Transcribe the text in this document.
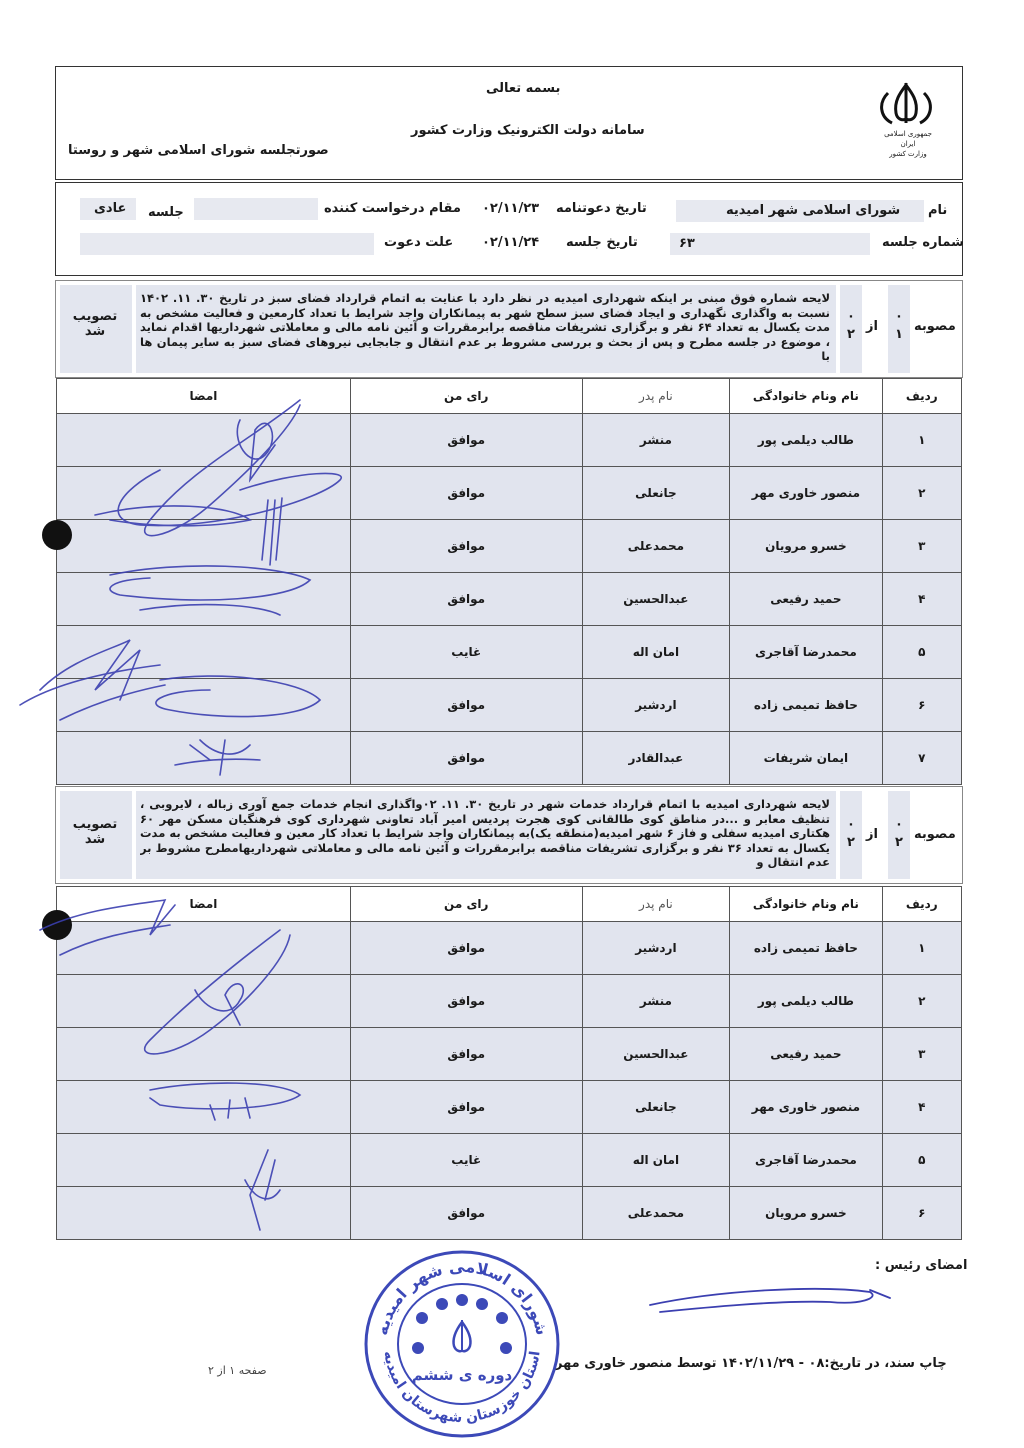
بسمه تعالی
سامانه دولت الکترونیک وزارت کشور
صورتجلسه شورای اسلامی شهر و روستا
جمهوری اسلامی ایران
وزارت کشور
نام
شورای اسلامی شهر امیدیه
تاریخ دعوتنامه
۰۲/۱۱/۲۳
مقام درخواست کننده
جلسه
عادی
شماره جلسه
۶۳
تاریخ جلسه
۰۲/۱۱/۲۴
علت دعوت
تصویب شد
لایحه شماره فوق مبنی بر اینکه شهرداری امیدیه در نظر دارد با عنایت به اتمام قرارداد فضای سبز در تاریخ ۳۰. ۱۱. ۱۴۰۲ نسبت به واگذاری نگهداری و ایجاد فضای سبز سطح شهر به پیمانکاران واجد شرایط با تعداد کارمعین و فعالیت مشخص به مدت یکسال به تعداد ۶۴ نفر و برگزاری تشریفات مناقصه برابرمقررات و آئین نامه مالی و معاملاتی شهرداریها اقدام نماید ، موضوع در جلسه مطرح و پس از بحث و بررسی مشروط بر عدم انتقال و جابجایی نیروهای فضای سبز به سایر پیمان ها با
۰
۲
از
۰
۱
مصوبه
ردیف	نام ونام خانوادگی	نام پدر	رای من	امضا
۱	طالب دیلمی پور	منشر	موافق	
۲	منصور خاوری مهر	جانعلی	موافق	
۳	خسرو مرویان	محمدعلی	موافق	
۴	حمید رفیعی	عبدالحسین	موافق	
۵	محمدرضا آقاجری	امان اله	غایب	
۶	حافظ تمیمی زاده	اردشیر	موافق	
۷	ایمان شریفات	عبدالقادر	موافق	
تصویب شد
لایحه شهرداری امیدیه با اتمام قرارداد خدمات شهر در تاریخ ۳۰. ۱۱. ۰۲واگذاری انجام خدمات جمع آوری زباله ، لایروبی ، تنظیف معابر و ...در مناطق کوی طالقانی کوی هجرت پردیس امیر آباد تعاونی شهرداری کوی فرهنگیان مسکن مهر ۶۰ هکتاری امیدیه سفلی و فاز ۶ شهر امیدیه(منطقه یک)به پیمانکاران واجد شرایط با تعداد کار معین و فعالیت مشخص به مدت یکسال به تعداد ۳۶ نفر و برگزاری تشریفات مناقصه برابرمقررات و آئین نامه مالی و معاملاتی شهرداریهامطرح مشروط بر عدم انتقال و
۰
۲
از
۰
۲
مصوبه
ردیف	نام ونام خانوادگی	نام پدر	رای من	امضا
۱	حافظ تمیمی زاده	اردشیر	موافق	
۲	طالب دیلمی پور	منشر	موافق	
۳	حمید رفیعی	عبدالحسین	موافق	
۴	منصور خاوری مهر	جانعلی	موافق	
۵	محمدرضا آقاجری	امان اله	غایب	
۶	خسرو مرویان	محمدعلی	موافق	
امضای رئیس :
چاپ سند، در تاریخ:۰۸ - ۱۴۰۲/۱۱/۲۹ توسط منصور خاوری مهر
صفحه ۱ از ۲
شورای اسلامی شهر امیدیه
استان خوزستان شهرستان امیدیه
دوره ی ششم
